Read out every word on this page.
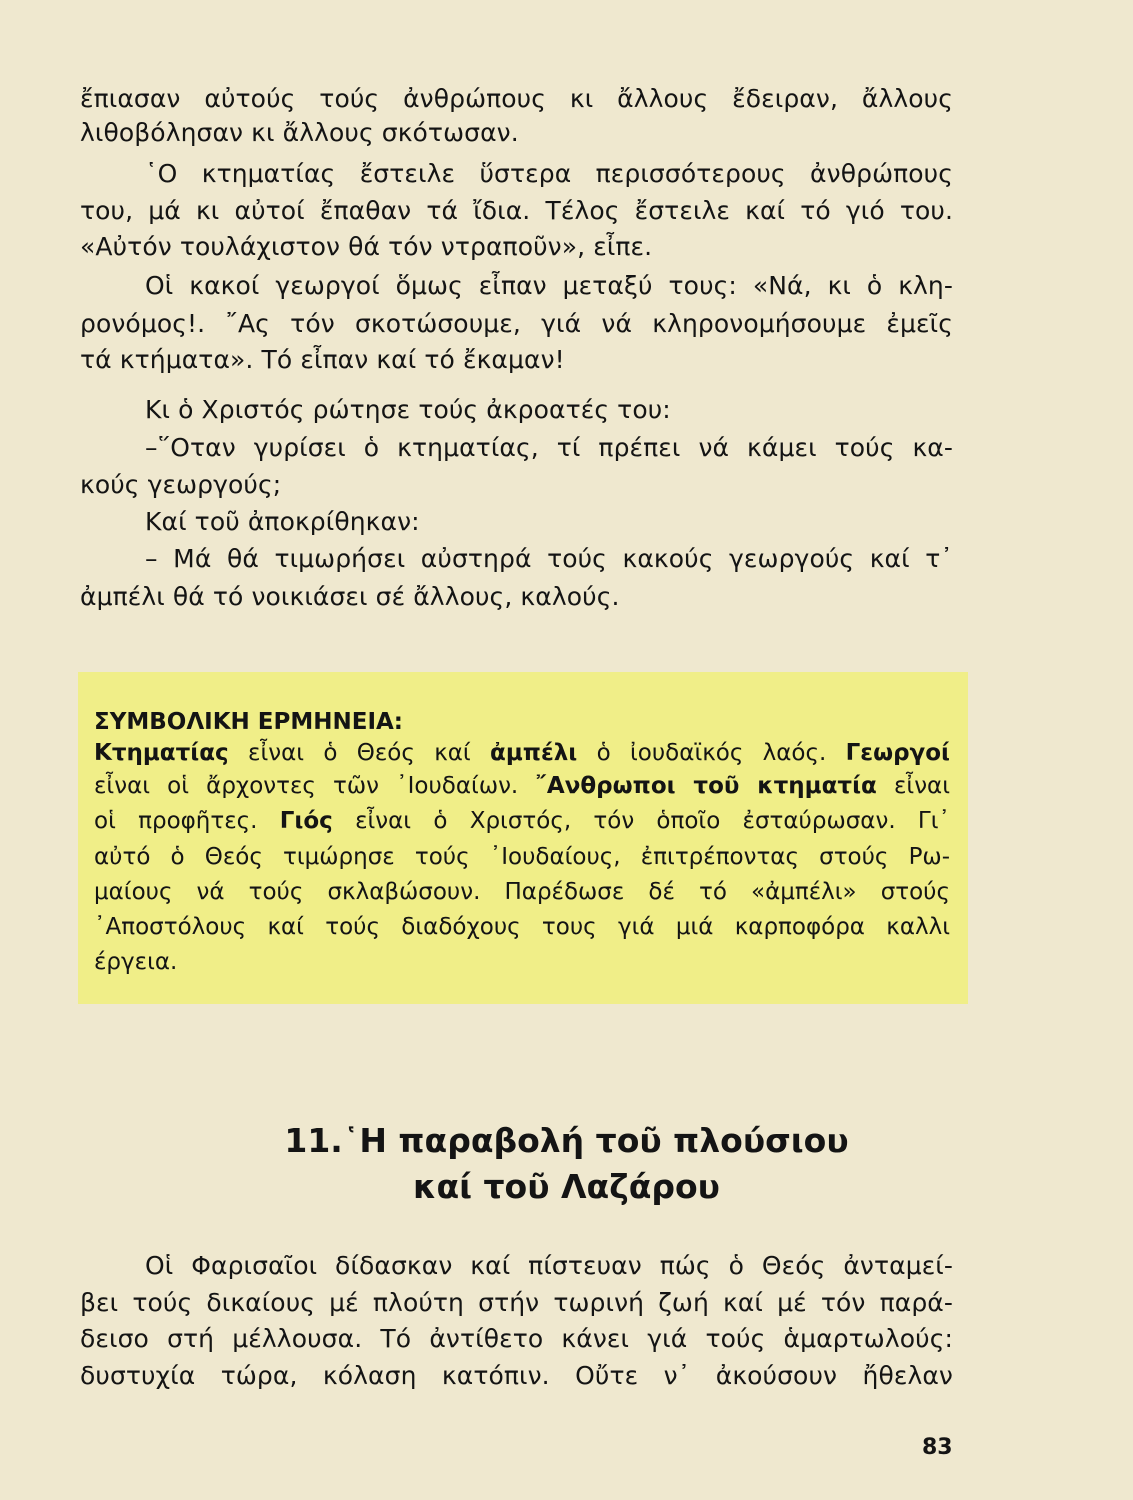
ἔπιασαν αὐτούς τούς ἀνθρώπους κι ἄλλους ἔδειραν, ἄλλους
λιθοβόλησαν κι ἄλλους σκότωσαν.
῾Ο κτηματίας ἔστειλε ὕστερα περισσότερους ἀνθρώπους
του, μά κι αὐτοί ἔπαθαν τά ἴδια. Τέλος ἔστειλε καί τό γιό του.
«Αὐτόν τουλάχιστον θά τόν ντραποῦν», εἶπε.
Οἱ κακοί γεωργοί ὅμως εἶπαν μεταξύ τους: «Νά, κι ὁ κλη-
ρονόμος!. ῎Ας τόν σκοτώσουμε, γιά νά κληρονομήσουμε ἐμεῖς
τά κτήματα». Τό εἶπαν καί τό ἔκαμαν!
Κι ὁ Χριστός ρώτησε τούς ἀκροατές του:
–῞Οταν γυρίσει ὁ κτηματίας, τί πρέπει νά κάμει τούς κα-
κούς γεωργούς;
Καί τοῦ ἀποκρίθηκαν:
– Μά θά τιμωρήσει αὐστηρά τούς κακούς γεωργούς καί τ᾿
ἀμπέλι θά τό νοικιάσει σέ ἄλλους, καλούς.
ΣΥΜΒΟΛΙΚΗ ΕΡΜΗΝΕΙΑ:
Κτηματίας εἶναι ὁ Θεός καί ἀμπέλι ὁ ἰουδαϊκός λαός. Γεωργοί
εἶναι οἱ ἄρχοντες τῶν ᾿Ιουδαίων. ῎Ανθρωποι τοῦ κτηματία εἶναι
οἱ προφῆτες. Γιός εἶναι ὁ Χριστός, τόν ὁποῖο ἐσταύρωσαν. Γι᾿
αὐτό ὁ Θεός τιμώρησε τούς ᾿Ιουδαίους, ἐπιτρέποντας στούς Ρω-
μαίους νά τούς σκλαβώσουν. Παρέδωσε δέ τό «ἀμπέλι» στούς
᾿Αποστόλους καί τούς διαδόχους τους γιά μιά καρποφόρα καλλι
έργεια.
11.῾Η παραβολή τοῦ πλούσιου
καί τοῦ Λαζάρου
Οἱ Φαρισαῖοι δίδασκαν καί πίστευαν πώς ὁ Θεός ἀνταμεί-
βει τούς δικαίους μέ πλούτη στήν τωρινή ζωή καί μέ τόν παρά-
δεισο στή μέλλουσα. Τό ἀντίθετο κάνει γιά τούς ἁμαρτωλούς:
δυστυχία τώρα, κόλαση κατόπιν. Οὔτε ν᾿ ἀκούσουν ἤθελαν
83
